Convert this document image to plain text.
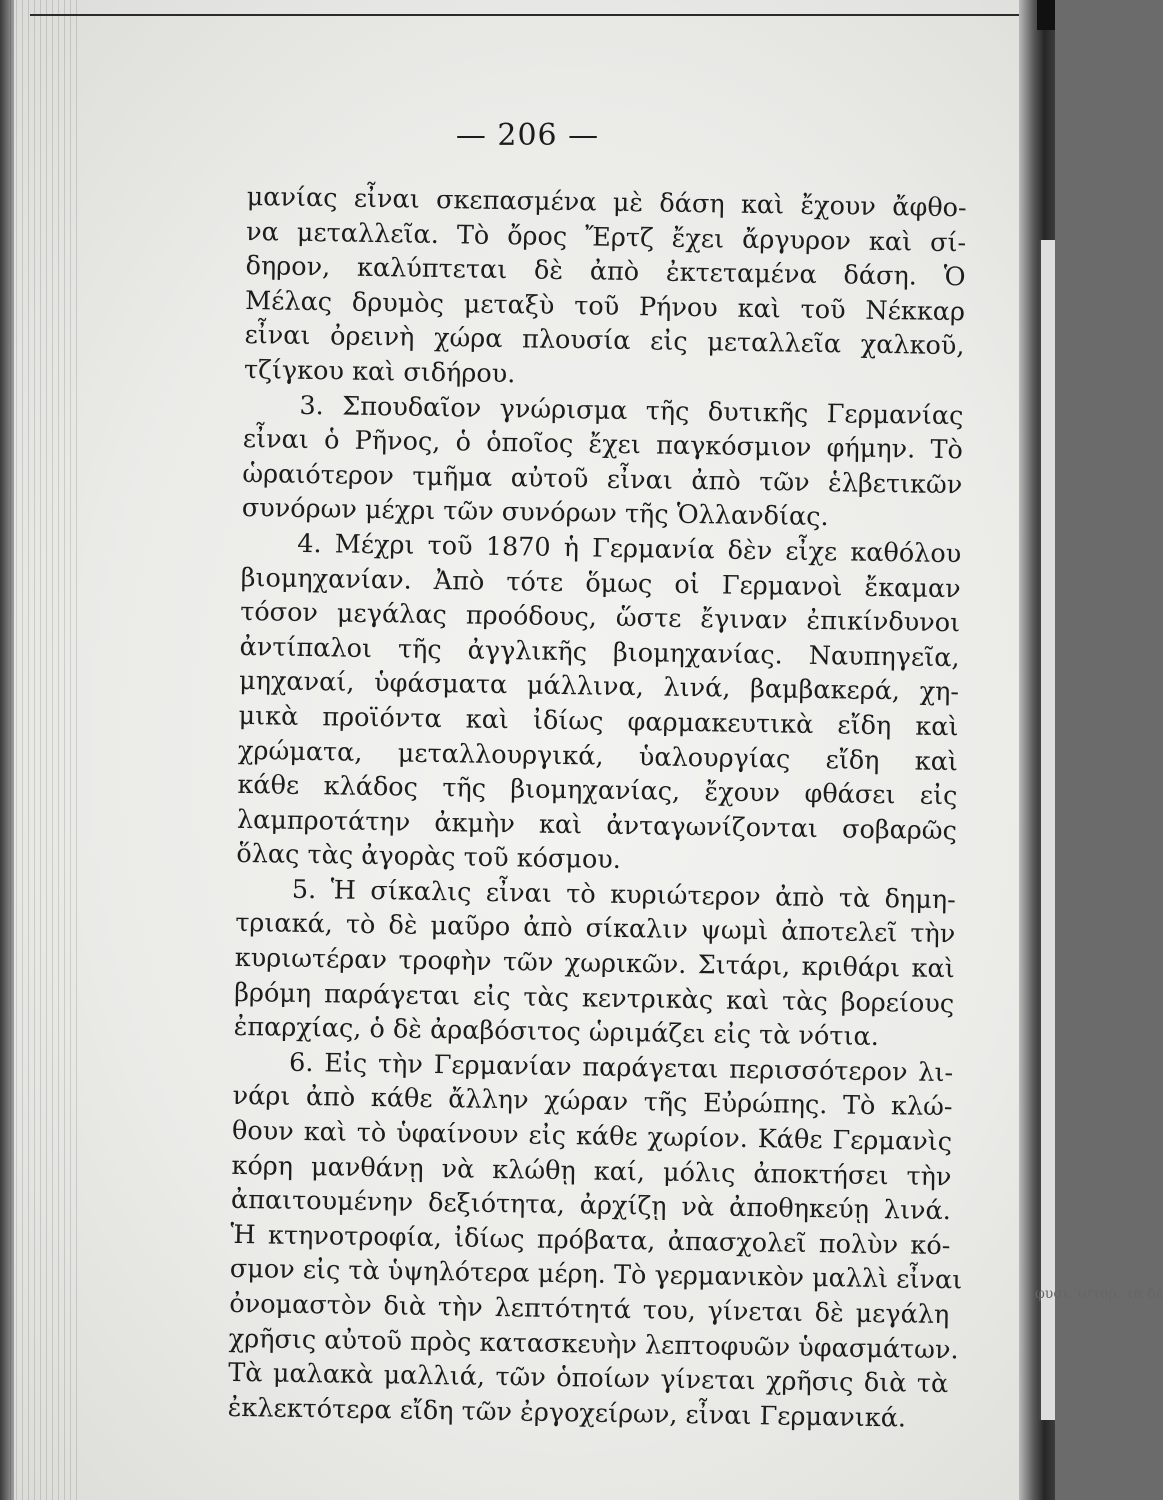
— 206 —
μανίας εἶναι σκεπασμένα μὲ δάση καὶ ἔχουν ἄφθο-
να μεταλλεῖα. Τὸ ὄρος Ἔρτζ ἔχει ἄργυρον καὶ σί-
δηρον, καλύπτεται δὲ ἀπὸ ἐκτεταμένα δάση. Ὁ
Μέλας δρυμὸς μεταξὺ τοῦ Ρήνου καὶ τοῦ Νέκκαρ
εἶναι ὀρεινὴ χώρα πλουσία εἰς μεταλλεῖα χαλκοῦ,
τζίγκου καὶ σιδήρου.
3. Σπουδαῖον γνώρισμα τῆς δυτικῆς Γερμανίας
εἶναι ὁ Ρῆνος, ὁ ὁποῖος ἔχει παγκόσμιον φήμην. Τὸ
ὡραιότερον τμῆμα αὐτοῦ εἶναι ἀπὸ τῶν ἑλβετικῶν
συνόρων μέχρι τῶν συνόρων τῆς Ὁλλανδίας.
4. Μέχρι τοῦ 1870 ἡ Γερμανία δὲν εἶχε καθόλου
βιομηχανίαν. Ἀπὸ τότε ὅμως οἱ Γερμανοὶ ἔκαμαν
τόσον μεγάλας προόδους, ὥστε ἔγιναν ἐπικίνδυνοι
ἀντίπαλοι τῆς ἀγγλικῆς βιομηχανίας. Ναυπηγεῖα,
μηχαναί, ὑφάσματα μάλλινα, λινά, βαμβακερά, χη-
μικὰ προϊόντα καὶ ἰδίως φαρμακευτικὰ εἴδη καὶ
χρώματα, μεταλλουργικά, ὑαλουργίας εἴδη καὶ
κάθε κλάδος τῆς βιομηχανίας, ἔχουν φθάσει εἰς
λαμπροτάτην ἀκμὴν καὶ ἀνταγωνίζονται σοβαρῶς
ὅλας τὰς ἀγορὰς τοῦ κόσμου.
5. Ἡ σίκαλις εἶναι τὸ κυριώτερον ἀπὸ τὰ δημη-
τριακά, τὸ δὲ μαῦρο ἀπὸ σίκαλιν ψωμὶ ἀποτελεῖ τὴν
κυριωτέραν τροφὴν τῶν χωρικῶν. Σιτάρι, κριθάρι καὶ
βρόμη παράγεται εἰς τὰς κεντρικὰς καὶ τὰς βορείους
ἐπαρχίας, ὁ δὲ ἀραβόσιτος ὡριμάζει εἰς τὰ νότια.
6. Εἰς τὴν Γερμανίαν παράγεται περισσότερον λι-
νάρι ἀπὸ κάθε ἄλλην χώραν τῆς Εὐρώπης. Τὸ κλώ-
θουν καὶ τὸ ὑφαίνουν εἰς κάθε χωρίον. Κάθε Γερμανὶς
κόρη μανθάνῃ νὰ κλώθῃ καί, μόλις ἀποκτήσει τὴν
ἀπαιτουμένην δεξιότητα, ἀρχίζῃ νὰ ἀποθηκεύῃ λινά.
Ἡ κτηνοτροφία, ἰδίως πρόβατα, ἀπασχολεῖ πολὺν κό-
σμον εἰς τὰ ὑψηλότερα μέρη. Τὸ γερμανικὸν μαλλὶ εἶναι
ὀνομαστὸν διὰ τὴν λεπτότητά του, γίνεται δὲ μεγάλη
χρῆσις αὐτοῦ πρὸς κατασκευὴν λεπτοφυῶν ὑφασμάτων.
Τὰ μαλακὰ μαλλιά, τῶν ὁποίων γίνεται χρῆσις διὰ τὰ
ἐκλεκτότερα εἴδη τῶν ἐργοχείρων, εἶναι Γερμανικά.
φυσι. ιστορ. τὰ δὲ
